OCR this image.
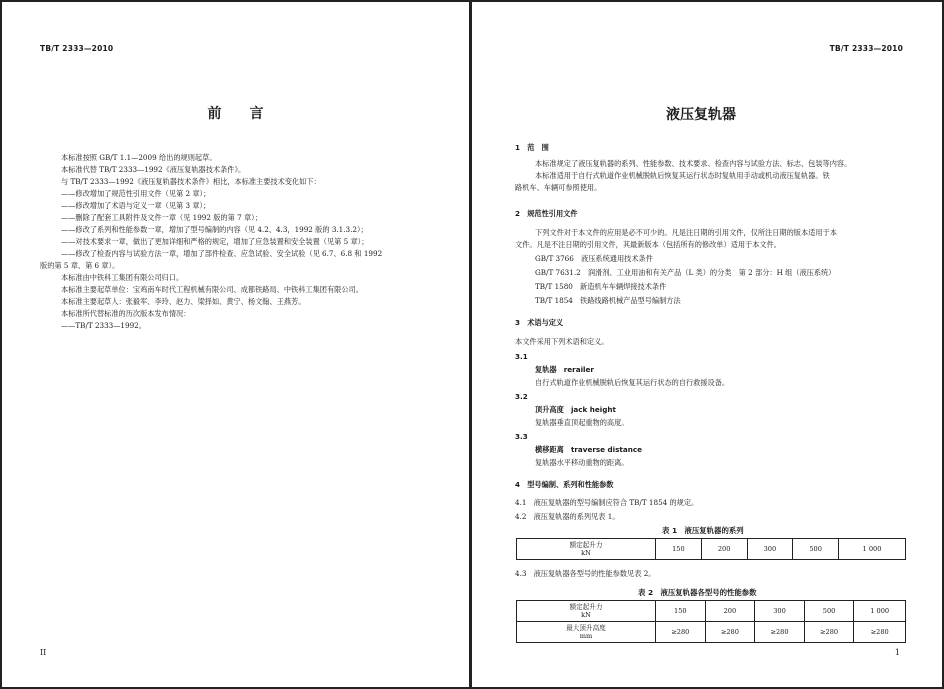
TB/T 2333—2010
前　　言
本标准按照 GB/T 1.1—2009 给出的规则起草。
本标准代替 TB/T 2333—1992《液压复轨器技术条件》。
与 TB/T 2333—1992《液压复轨器技术条件》相比，本标准主要技术变化如下：
——修改增加了规范性引用文件（见第 2 章）；
——修改增加了术语与定义一章（见第 3 章）；
——删除了配套工具附件及文件一章（见 1992 版的第 7 章）；
——修改了系列和性能参数一章，增加了型号编制的内容（见 4.2、4.3，1992 版的 3.1.3.2）；
——对技术要求一章，做出了更加详细和严格的规定，增加了应急装置和安全装置（见第 5 章）；
——修改了检查内容与试验方法一章，增加了部件检查、应急试验、安全试验（见 6.7、6.8 和 1992
版的第 5 章、第 6 章）。
本标准由中铁科工集团有限公司归口。
本标准主要起草单位：宝鸡南车时代工程机械有限公司、成都铁路局、中铁科工集团有限公司。
本标准主要起草人：张毅军、李玲、赵力、梁择如、黄宁、杨文翰、王燕芳。
本标准所代替标准的历次版本发布情况：
——TB/T 2333—1992。
II
TB/T 2333—2010
液压复轨器
1　范　围
本标准规定了液压复轨器的系列、性能参数、技术要求、检查内容与试验方法、标志、包装等内容。
本标准适用于自行式轨道作业机械脱轨后恢复其运行状态时复轨用手动或机动液压复轨器。铁
路机车、车辆可参照使用。
2　规范性引用文件
下列文件对于本文件的应用是必不可少的。凡是注日期的引用文件，仅所注日期的版本适用于本
文件。凡是不注日期的引用文件，其最新版本（包括所有的修改单）适用于本文件。
GB/T 3766　液压系统通用技术条件
GB/T 7631.2　润滑剂、工业用油和有关产品（L 类）的分类　第 2 部分：H 组（液压系统）
TB/T 1580　新造机车车辆焊接技术条件
TB/T 1854　铁路线路机械产品型号编制方法
3　术语与定义
本文件采用下列术语和定义。
3.1
复轨器　rerailer
自行式轨道作业机械脱轨后恢复其运行状态的自行救援设备。
3.2
顶升高度　jack height
复轨器垂直顶起重物的高度。
3.3
横移距离　traverse distance
复轨器水平移动重物的距离。
4　型号编制、系列和性能参数
4.1　液压复轨器的型号编制应符合 TB/T 1854 的规定。
4.2　液压复轨器的系列见表 1。
表 1　液压复轨器的系列
额定起升力
kN	150	200	300	500	1 000
4.3　液压复轨器各型号的性能参数见表 2。
表 2　液压复轨器各型号的性能参数
额定起升力
kN	150	200	300	500	1 000

最大顶升高度
mm	≥280	≥280	≥280	≥280	≥280
1
